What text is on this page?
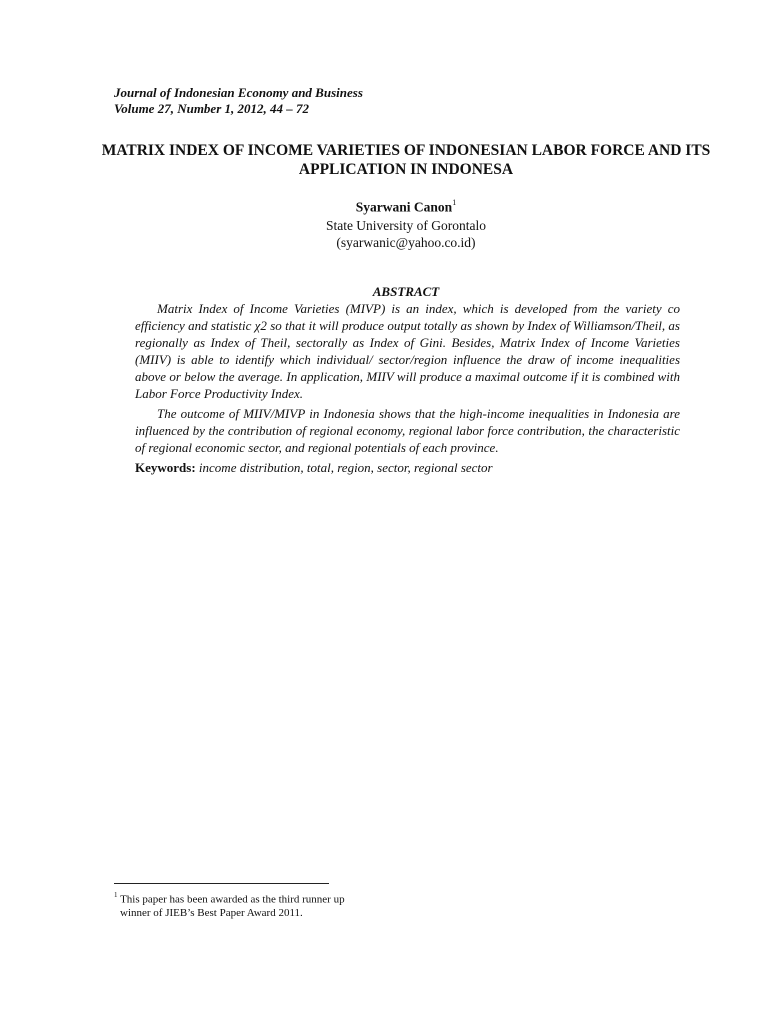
Journal of Indonesian Economy and Business
Volume 27, Number 1, 2012, 44 – 72
MATRIX INDEX OF INCOME VARIETIES OF INDONESIAN LABOR FORCE AND ITS APPLICATION IN INDONESA
Syarwani Canon$^1$
State University of Gorontalo
(syarwanic@yahoo.co.id)
ABSTRACT

Matrix Index of Income Varieties (MIVP) is an index, which is developed from the variety co efficiency and statistic χ2 so that it will produce output totally as shown by Index of Williamson/Theil, as regionally as Index of Theil, sectorally as Index of Gini. Besides, Matrix Index of Income Varieties (MIIV) is able to identify which individual/ sector/region influence the draw of income inequalities above or below the average. In application, MIIV will produce a maximal outcome if it is combined with Labor Force Productivity Index.

The outcome of MIIV/MIVP in Indonesia shows that the high-income inequalities in Indonesia are influenced by the contribution of regional economy, regional labor force contribution, the characteristic of regional economic sector, and regional potentials of each province.

Keywords: income distribution, total, region, sector, regional sector
$^1$ This paper has been awarded as the third runner up
winner of JIEB’s Best Paper Award 2011.
